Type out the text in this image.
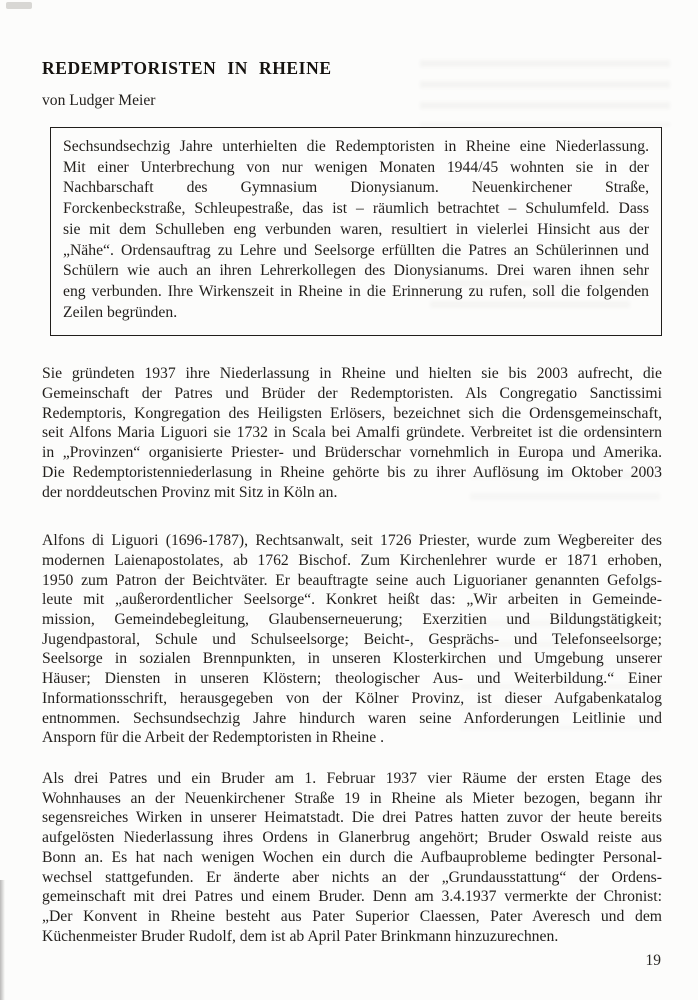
REDEMPTORISTEN IN RHEINE
von Ludger Meier
Sechsundsechzig Jahre unterhielten die Redemptoristen in Rheine eine Niederlassung.
Mit einer Unterbrechung von nur wenigen Monaten 1944/45 wohnten sie in der
Nachbarschaft des Gymnasium Dionysianum. Neuenkirchener Straße,
Forckenbeckstraße, Schleupestraße, das ist – räumlich betrachtet – Schulumfeld. Dass
sie mit dem Schulleben eng verbunden waren, resultiert in vielerlei Hinsicht aus der
„Nähe“. Ordensauftrag zu Lehre und Seelsorge erfüllten die Patres an Schülerinnen und
Schülern wie auch an ihren Lehrerkollegen des Dionysianums. Drei waren ihnen sehr
eng verbunden. Ihre Wirkenszeit in Rheine in die Erinnerung zu rufen, soll die folgenden
Zeilen begründen.
Sie gründeten 1937 ihre Niederlassung in Rheine und hielten sie bis 2003 aufrecht, die
Gemeinschaft der Patres und Brüder der Redemptoristen. Als Congregatio Sanctissimi
Redemptoris, Kongregation des Heiligsten Erlösers, bezeichnet sich die Ordensgemeinschaft,
seit Alfons Maria Liguori sie 1732 in Scala bei Amalfi gründete. Verbreitet ist die ordensintern
in „Provinzen“ organisierte Priester- und Brüderschar vornehmlich in Europa und Amerika.
Die Redemptoristenniederlasung in Rheine gehörte bis zu ihrer Auflösung im Oktober 2003
der norddeutschen Provinz mit Sitz in Köln an.
Alfons di Liguori (1696-1787), Rechtsanwalt, seit 1726 Priester, wurde zum Wegbereiter des
modernen Laienapostolates, ab 1762 Bischof. Zum Kirchenlehrer wurde er 1871 erhoben,
1950 zum Patron der Beichtväter. Er beauftragte seine auch Liguorianer genannten Gefolgs-
leute mit „außerordentlicher Seelsorge“. Konkret heißt das: „Wir arbeiten in Gemeinde-
mission, Gemeindebegleitung, Glaubenserneuerung; Exerzitien und Bildungstätigkeit;
Jugendpastoral, Schule und Schulseelsorge; Beicht-, Gesprächs- und Telefonseelsorge;
Seelsorge in sozialen Brennpunkten, in unseren Klosterkirchen und Umgebung unserer
Häuser; Diensten in unseren Klöstern; theologischer Aus- und Weiterbildung.“ Einer
Informationsschrift, herausgegeben von der Kölner Provinz, ist dieser Aufgabenkatalog
entnommen. Sechsundsechzig Jahre hindurch waren seine Anforderungen Leitlinie und
Ansporn für die Arbeit der Redemptoristen in Rheine .
Als drei Patres und ein Bruder am 1. Februar 1937 vier Räume der ersten Etage des
Wohnhauses an der Neuenkirchener Straße 19 in Rheine als Mieter bezogen, begann ihr
segensreiches Wirken in unserer Heimatstadt. Die drei Patres hatten zuvor der heute bereits
aufgelösten Niederlassung ihres Ordens in Glanerbrug angehört; Bruder Oswald reiste aus
Bonn an. Es hat nach wenigen Wochen ein durch die Aufbauprobleme bedingter Personal-
wechsel stattgefunden. Er änderte aber nichts an der „Grundausstattung“ der Ordens-
gemeinschaft mit drei Patres und einem Bruder. Denn am 3.4.1937 vermerkte der Chronist:
„Der Konvent in Rheine besteht aus Pater Superior Claessen, Pater Averesch und dem
Küchenmeister Bruder Rudolf, dem ist ab April Pater Brinkmann hinzuzurechnen.
19
